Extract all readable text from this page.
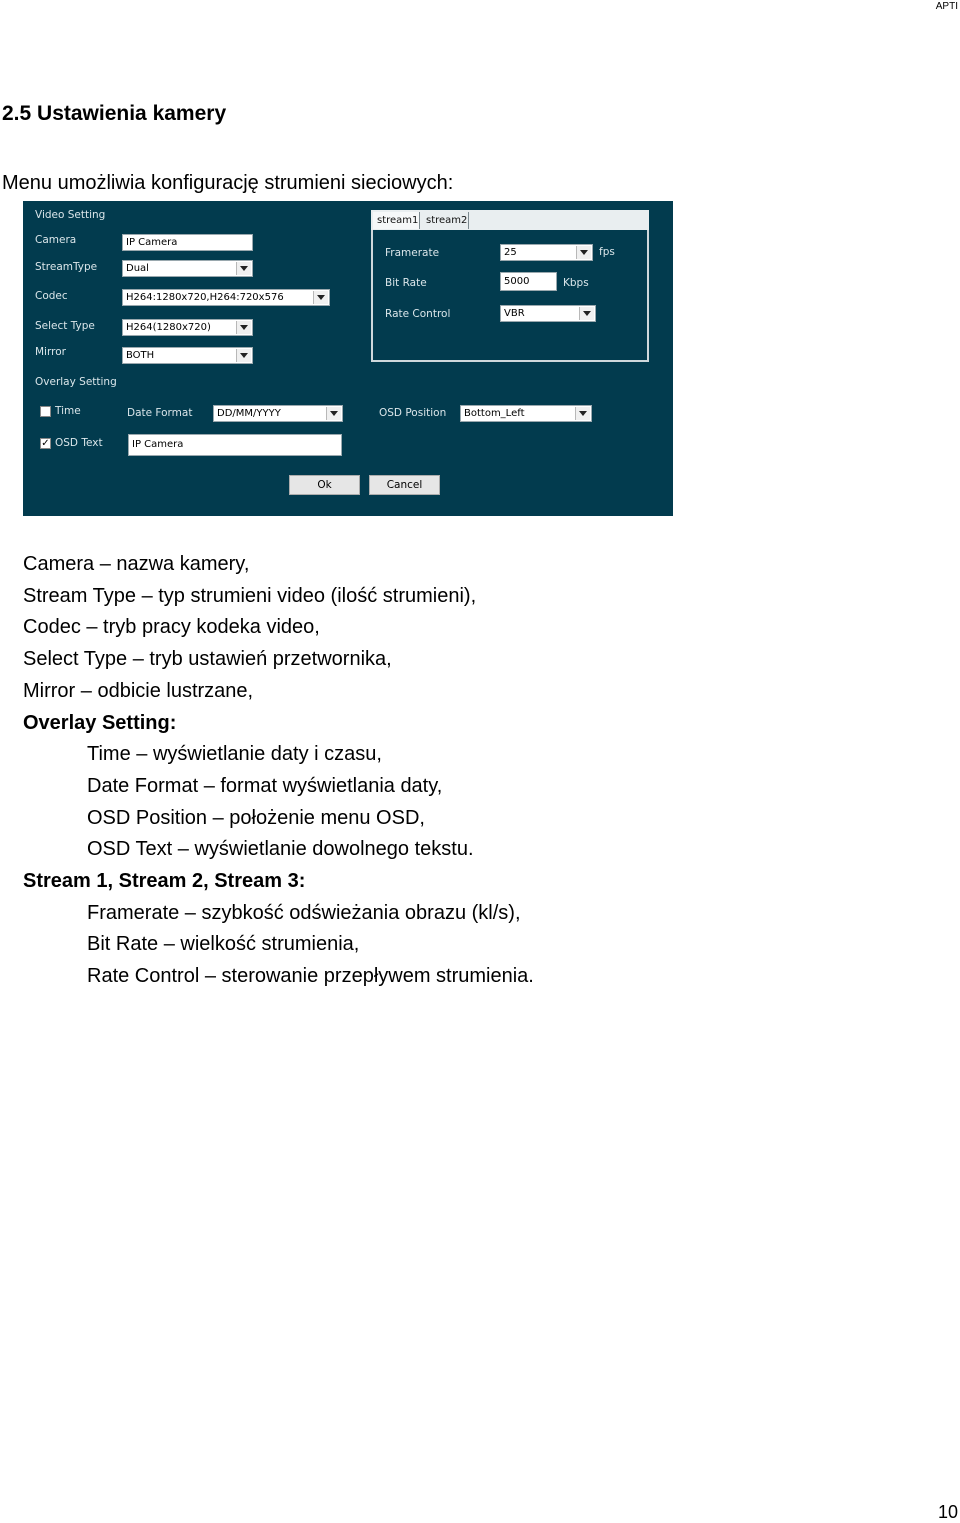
APTI
2.5 Ustawienia kamery
Menu umożliwia konfigurację strumieni sieciowych:
Video Setting
Camera	IP Camera
StreamType	Dual
Codec	H264:1280x720,H264:720x576
Select Type	H264(1280x720)
Mirror	BOTH
Overlay Setting
Time	Date Format	DD/MM/YYYY	OSD Position	Bottom_Left
✓ OSD Text	IP Camera
stream1 stream2
Framerate	25	fps
Bit Rate	5000	Kbps
Rate Control	VBR
Ok	Cancel
Camera – nazwa kamery,
Stream Type – typ strumieni video (ilość strumieni),
Codec – tryb pracy kodeka video,
Select Type – tryb ustawień przetwornika,
Mirror – odbicie lustrzane,
Overlay Setting:
Time – wyświetlanie daty i czasu,
Date Format – format wyświetlania daty,
OSD Position – położenie menu OSD,
OSD Text – wyświetlanie dowolnego tekstu.
Stream 1, Stream 2, Stream 3:
Framerate – szybkość odświeżania obrazu (kl/s),
Bit Rate – wielkość strumienia,
Rate Control – sterowanie przepływem strumienia.
10
